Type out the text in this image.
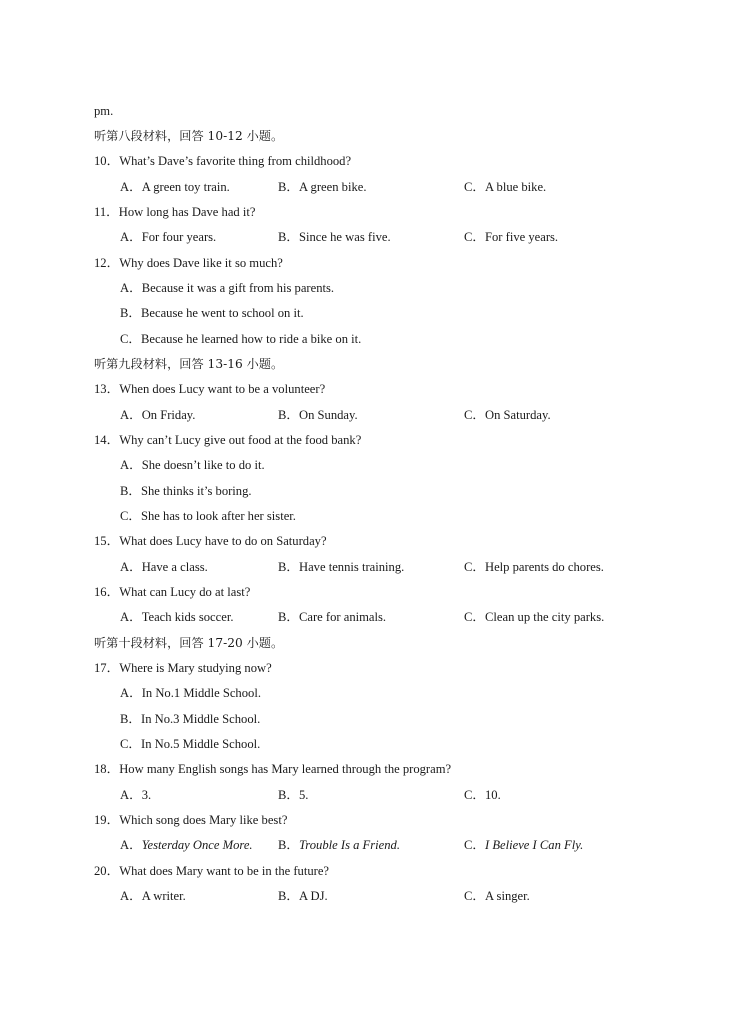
pm.
听第八段材料，回答 10-12 小题。
10．What’s Dave’s favorite thing from childhood?
A．A green toy train.	B．A green bike.	C．A blue bike.
11．How long has Dave had it?
A．For four years.	B．Since he was five.	C．For five years.
12．Why does Dave like it so much?
A．Because it was a gift from his parents.
B．Because he went to school on it.
C．Because he learned how to ride a bike on it.
听第九段材料，回答 13-16 小题。
13．When does Lucy want to be a volunteer?
A．On Friday.	B．On Sunday.	C．On Saturday.
14．Why can’t Lucy give out food at the food bank?
A．She doesn’t like to do it.
B．She thinks it’s boring.
C．She has to look after her sister.
15．What does Lucy have to do on Saturday?
A．Have a class.	B．Have tennis training.	C．Help parents do chores.
16．What can Lucy do at last?
A．Teach kids soccer.	B．Care for animals.	C．Clean up the city parks.
听第十段材料，回答 17-20 小题。
17．Where is Mary studying now?
A．In No.1 Middle School.
B．In No.3 Middle School.
C．In No.5 Middle School.
18．How many English songs has Mary learned through the program?
A．3.	B．5.	C．10.
19．Which song does Mary like best?
A．Yesterday Once More. B．Trouble Is a Friend.	C．I Believe I Can Fly.
20．What does Mary want to be in the future?
A．A writer.	B．A DJ.	C．A singer.
